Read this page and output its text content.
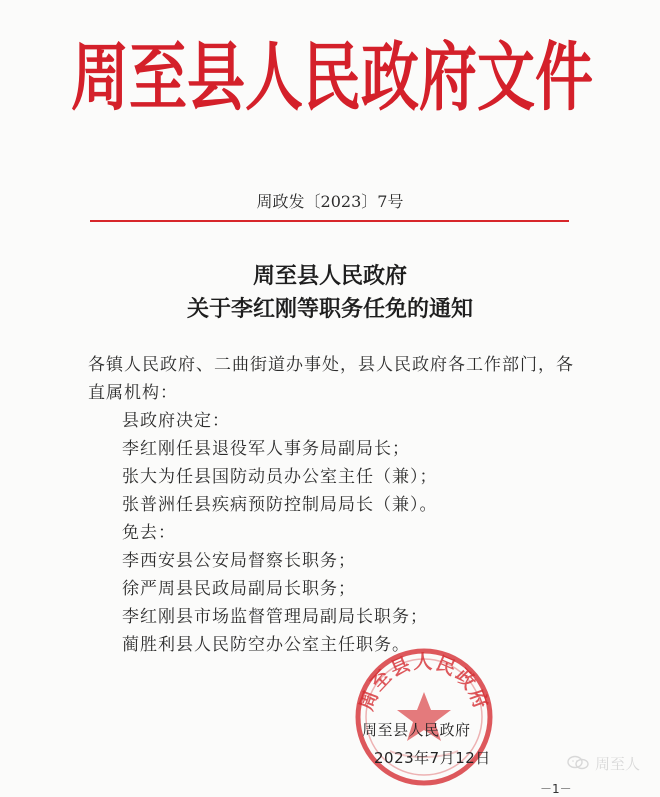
周至县人民政府文件
周政发〔2023〕7号
周至县人民政府
关于李红刚等职务任免的通知

各镇人民政府、二曲街道办事处，县人民政府各工作部门，各

直属机构：

县政府决定：

李红刚任县退役军人事务局副局长；

张大为任县国防动员办公室主任（兼）；

张普洲任县疾病预防控制局局长（兼）。

免去：

李西安县公安局督察长职务；

徐严周县民政局副局长职务；

李红刚县市场监督管理局副局长职务；

蔺胜利县人民防空办公室主任职务。

周至县人民政府
周至县人民政府
2023年7月12日
－1－
周至人
